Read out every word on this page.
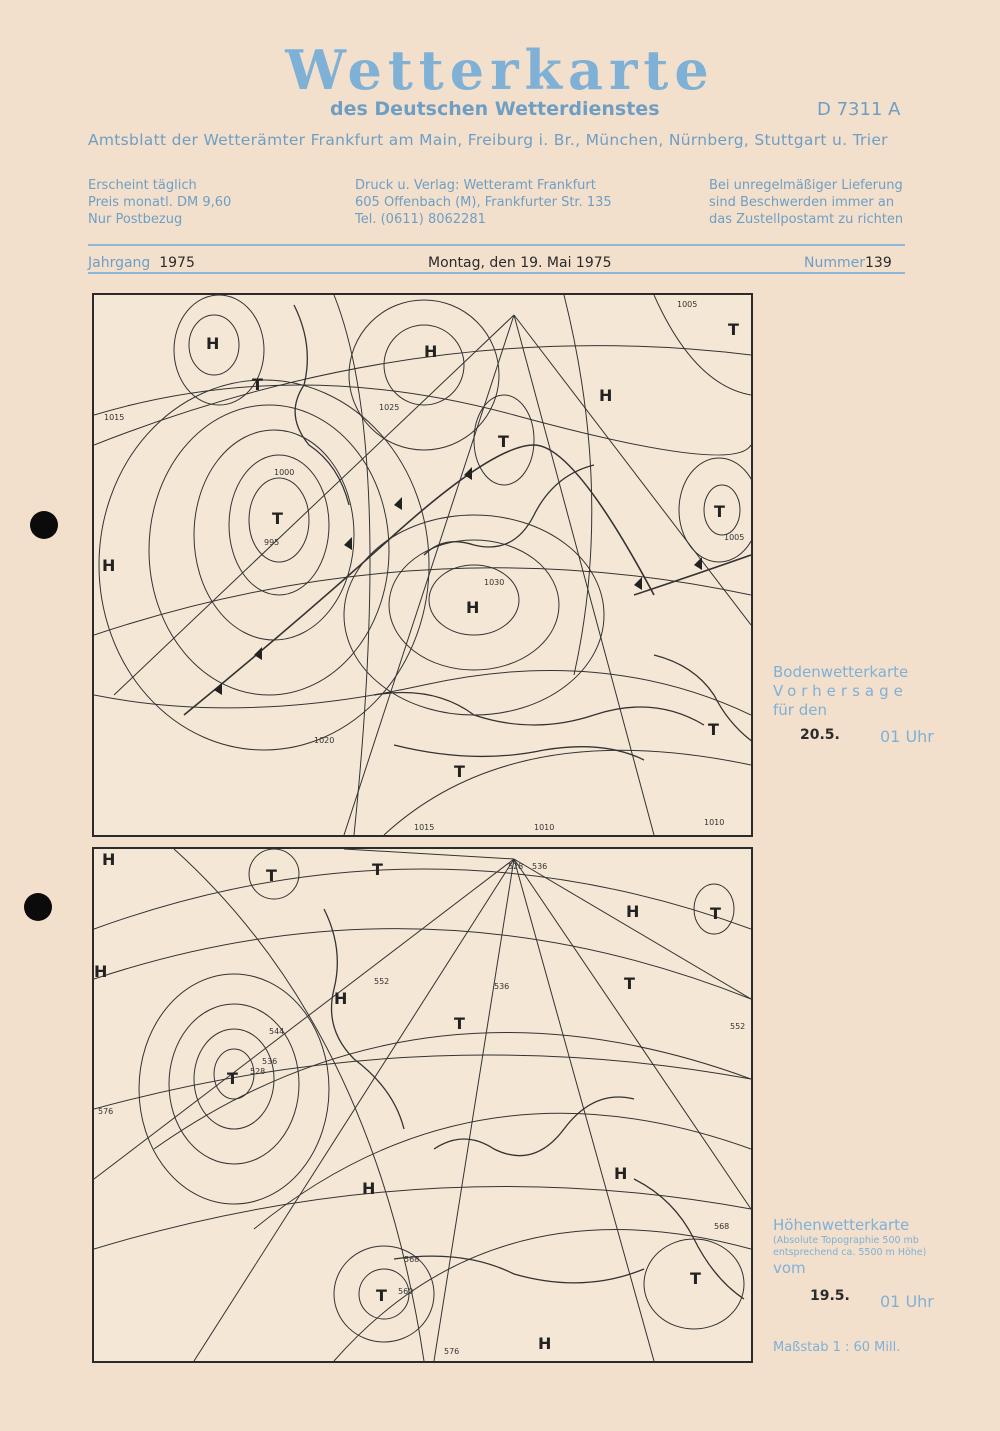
Wetterkarte
des Deutschen Wetterdienstes	D 7311 A
Amtsblatt der Wetterämter Frankfurt am Main, Freiburg i. Br., München, Nürnberg, Stuttgart u. Trier
Erscheint täglich
Preis monatl. DM 9,60
Nur Postbezug
Druck u. Verlag: Wetteramt Frankfurt
605 Offenbach (M), Frankfurter Str. 135
Tel. (0611) 8062281
Bei unregelmäßiger Lieferung
sind Beschwerden immer an
das Zustellpostamt zu richten
Jahrgang 1975	Montag, den 19. Mai 1975	Nummer139
H
H
H
H
H
T
T
T
T
T
T
T
1005
1010
1015
1015
1020
1025
1030
1000
995
1010
1005
Bodenwetterkarte
Vorhersage
für den
20.5.	01 Uhr
H
H
H
H
H
H
H
T	T
T
T
T
T
T
T
552
544
536
528
528 536
536
568
560
576
576
568
552
Höhenwetterkarte
(Absolute Topographie 500 mb
entsprechend ca. 5500 m Höhe)
vom
19.5. 01 Uhr
Maßstab 1 : 60 Mill.
